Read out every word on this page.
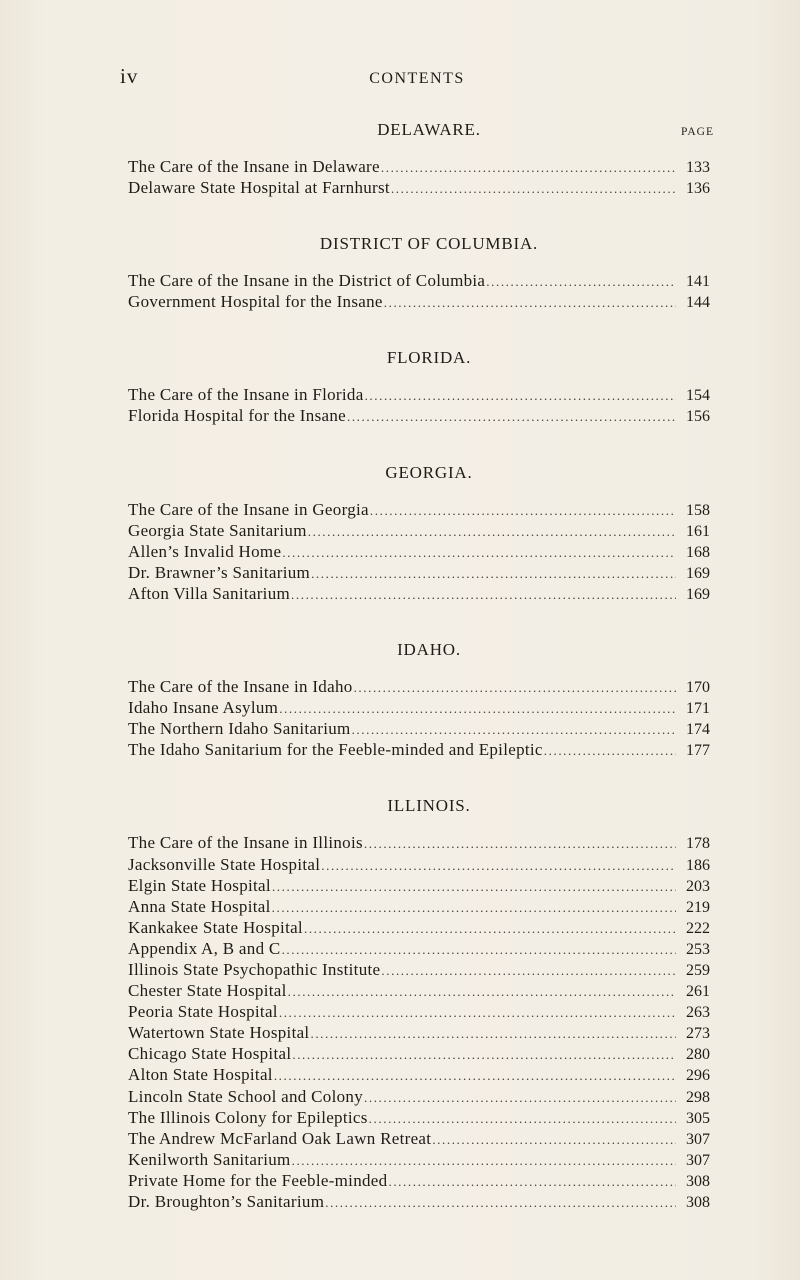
iv	CONTENTS
DELAWARE.	PAGE
The Care of the Insane in Delaware .....	133
Delaware State Hospital at Farnhurst .....	136
DISTRICT OF COLUMBIA.
The Care of the Insane in the District of Columbia .....	141
Government Hospital for the Insane .....	144
FLORIDA.
The Care of the Insane in Florida .....	154
Florida Hospital for the Insane .....	156
GEORGIA.
The Care of the Insane in Georgia .....	158
Georgia State Sanitarium .....	161
Allen’s Invalid Home .....	168
Dr. Brawner’s Sanitarium .....	169
Afton Villa Sanitarium .....	169
IDAHO.
The Care of the Insane in Idaho .....	170
Idaho Insane Asylum .....	171
The Northern Idaho Sanitarium .....	174
The Idaho Sanitarium for the Feeble-minded and Epileptic .....	177
ILLINOIS.
The Care of the Insane in Illinois .....	178
Jacksonville State Hospital .....	186
Elgin State Hospital .....	203
Anna State Hospital .....	219
Kankakee State Hospital .....	222
Appendix A, B and C .....	253
Illinois State Psychopathic Institute .....	259
Chester State Hospital .....	261
Peoria State Hospital .....	263
Watertown State Hospital .....	273
Chicago State Hospital .....	280
Alton State Hospital .....	296
Lincoln State School and Colony .....	298
The Illinois Colony for Epileptics .....	305
The Andrew McFarland Oak Lawn Retreat .....	307
Kenilworth Sanitarium .....	307
Private Home for the Feeble-minded .....	308
Dr. Broughton’s Sanitarium .....	308
